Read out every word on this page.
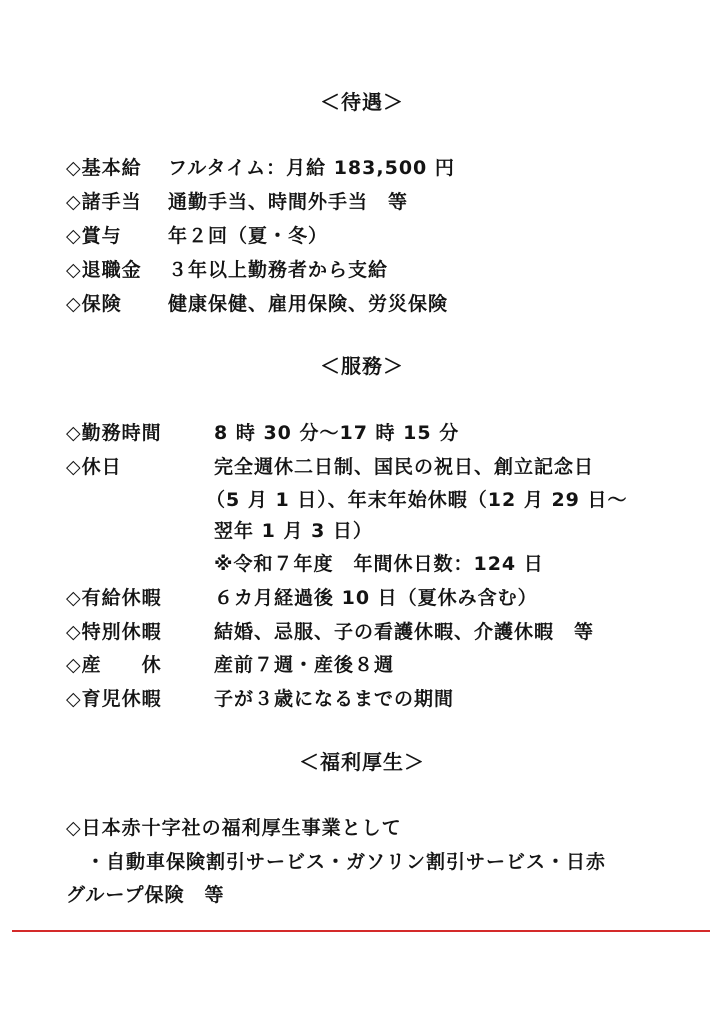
＜待遇＞
◇基本給 フルタイム：月給 183,500 円
◇諸手当 通勤手当、時間外手当　等
◇賞与 年２回（夏・冬）
◇退職金 ３年以上勤務者から支給
◇保険 健康保健、雇用保険、労災保険
＜服務＞
◇勤務時間	8 時 30 分～17 時 15 分
◇休日	完全週休二日制、国民の祝日、創立記念日
（5 月 1 日）、年末年始休暇（12 月 29 日～
翌年 1 月 3 日）
※令和７年度　年間休日数：124 日
◇有給休暇	６カ月経過後 10 日（夏休み含む）
◇特別休暇	結婚、忌服、子の看護休暇、介護休暇　等
◇産　　休	産前７週・産後８週
◇育児休暇	子が３歳になるまでの期間
＜福利厚生＞
◇日本赤十字社の福利厚生事業として
・自動車保険割引サービス・ガソリン割引サービス・日赤
グループ保険　等
